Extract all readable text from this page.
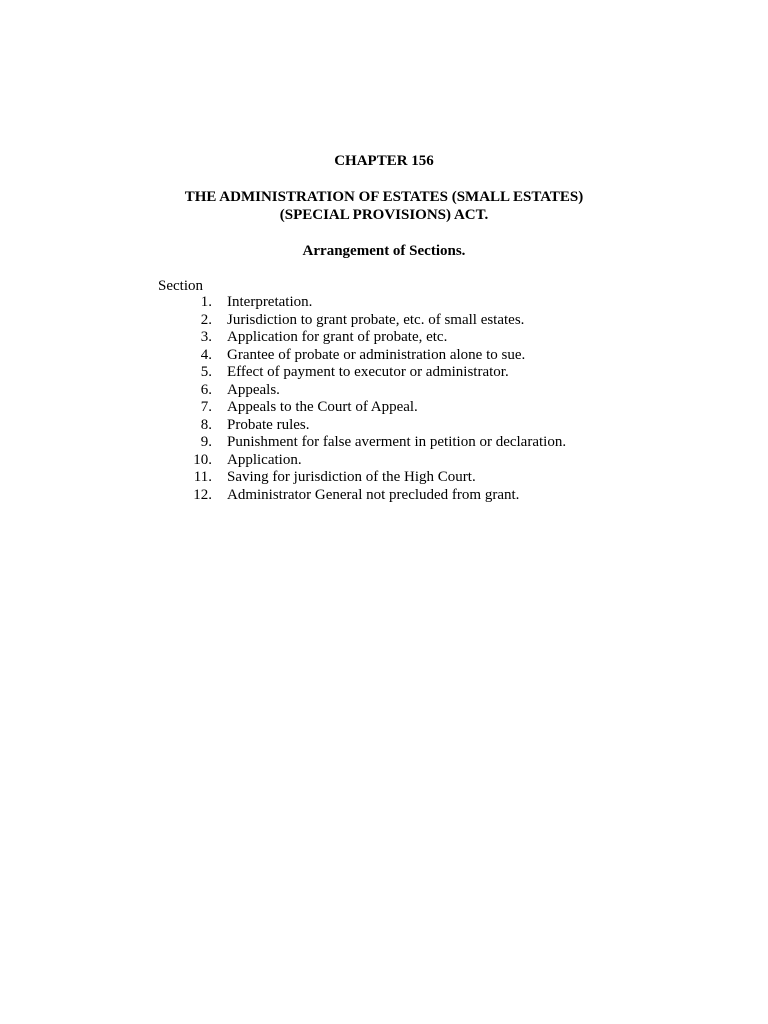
CHAPTER 156
THE ADMINISTRATION OF ESTATES (SMALL ESTATES)
(SPECIAL PROVISIONS) ACT.
Arrangement of Sections.
Section
1. Interpretation.
2. Jurisdiction to grant probate, etc. of small estates.
3. Application for grant of probate, etc.
4. Grantee of probate or administration alone to sue.
5. Effect of payment to executor or administrator.
6. Appeals.
7. Appeals to the Court of Appeal.
8. Probate rules.
9. Punishment for false averment in petition or declaration.
10. Application.
11. Saving for jurisdiction of the High Court.
12. Administrator General not precluded from grant.
